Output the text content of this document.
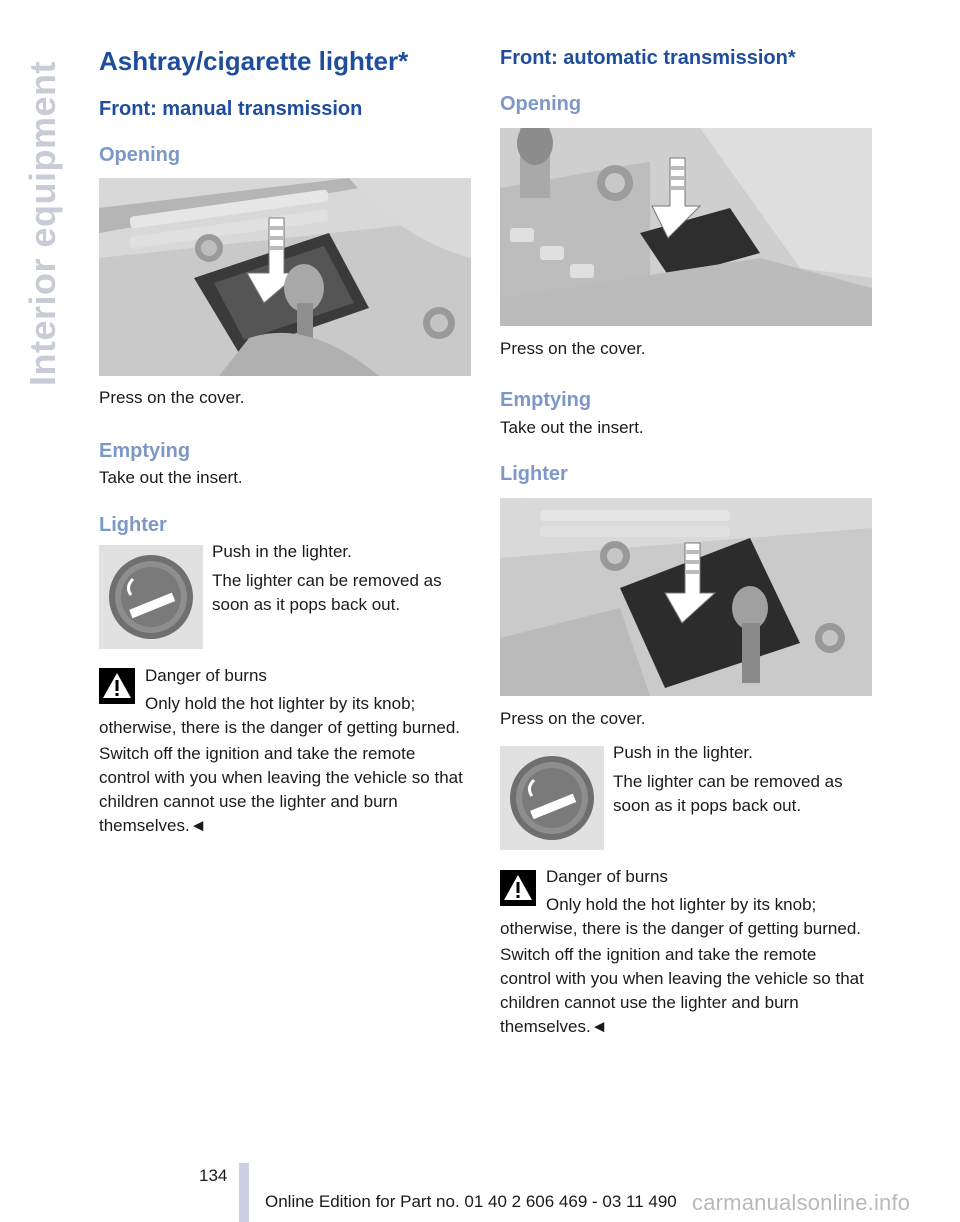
Interior equipment Ashtray/cigarette lighter*
Front: manual transmission
Opening
Press on the cover.
Emptying
Take out the insert.
Lighter
Push in the lighter.
The lighter can be removed as soon as it pops back out.
Danger of burns
Only hold the hot lighter by its knob; otherwise, there is the danger of getting burned.
Switch off the ignition and take the remote control with you when leaving the vehicle so that children cannot use the lighter and burn themselves.◄
Front: automatic transmission*
Opening
Press on the cover.
Emptying
Take out the insert.
Lighter
Press on the cover.
Push in the lighter.
The lighter can be removed as soon as it pops back out.
Danger of burns
Only hold the hot lighter by its knob; otherwise, there is the danger of getting burned.
Switch off the ignition and take the remote control with you when leaving the vehicle so that children cannot use the lighter and burn themselves.◄
134
Online Edition for Part no. 01 40 2 606 469 - 03 11 490 carmanualsonline.info
